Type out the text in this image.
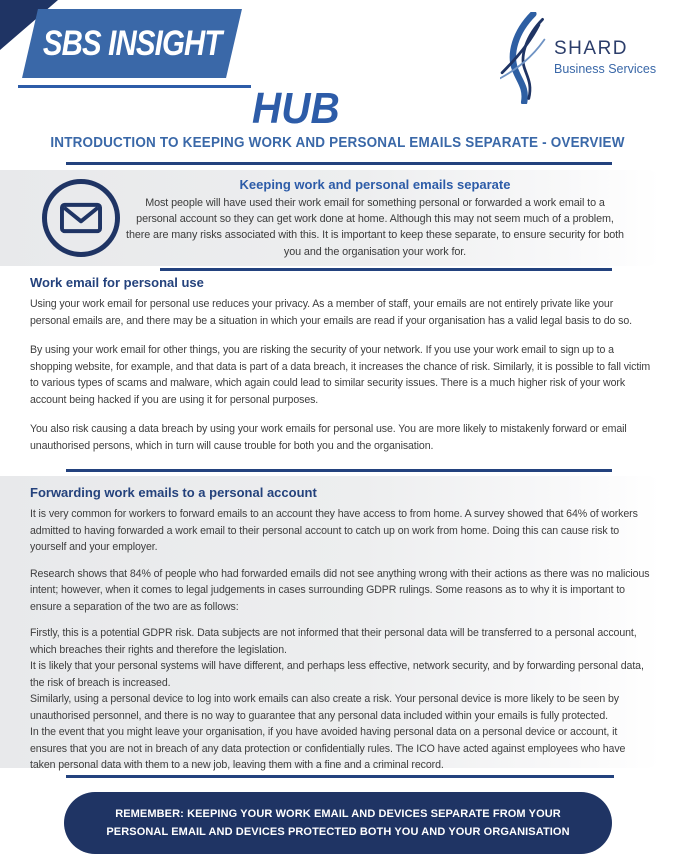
SBS INSIGHT
HUB
SHARD
Business Services
INTRODUCTION TO KEEPING WORK AND PERSONAL EMAILS SEPARATE - OVERVIEW
Keeping work and personal emails separate

Most people will have used their work email for something personal or forwarded a work email to a personal account so they can get work done at home. Although this may not seem much of a problem, there are many risks associated with this. It is important to keep these separate, to ensure security for both you and the organisation your work for.

Work email for personal use

Using your work email for personal use reduces your privacy. As a member of staff, your emails are not entirely private like your personal emails are, and there may be a situation in which your emails are read if your organisation has a valid legal basis to do so.

By using your work email for other things, you are risking the security of your network. If you use your work email to sign up to a shopping website, for example, and that data is part of a data breach, it increases the chance of risk. Similarly, it is possible to fall victim to various types of scams and malware, which again could lead to similar security issues. There is a much higher risk of your work account being hacked if you are using it for personal purposes.

You also risk causing a data breach by using your work emails for personal use. You are more likely to mistakenly forward or email unauthorised persons, which in turn will cause trouble for both you and the organisation.

Forwarding work emails to a personal account

It is very common for workers to forward emails to an account they have access to from home. A survey showed that 64% of workers admitted to having forwarded a work email to their personal account to catch up on work from home. Doing this can cause risk to yourself and your employer.

Research shows that 84% of people who had forwarded emails did not see anything wrong with their actions as there was no malicious intent; however, when it comes to legal judgements in cases surrounding GDPR rulings. Some reasons as to why it is important to ensure a separation of the two are as follows:

Firstly, this is a potential GDPR risk. Data subjects are not informed that their personal data will be transferred to a personal account, which breaches their rights and therefore the legislation.

It is likely that your personal systems will have different, and perhaps less effective, network security, and by forwarding personal data, the risk of breach is increased.

Similarly, using a personal device to log into work emails can also create a risk. Your personal device is more likely to be seen by unauthorised personnel, and there is no way to guarantee that any personal data included within your emails is fully protected.

In the event that you might leave your organisation, if you have avoided having personal data on a personal device or account, it ensures that you are not in breach of any data protection or confidentially rules. The ICO have acted against employees who have taken personal data with them to a new job, leaving them with a fine and a criminal record.

REMEMBER: KEEPING YOUR WORK EMAIL AND DEVICES SEPARATE FROM YOUR PERSONAL EMAIL AND DEVICES PROTECTED BOTH YOU AND YOUR ORGANISATION
